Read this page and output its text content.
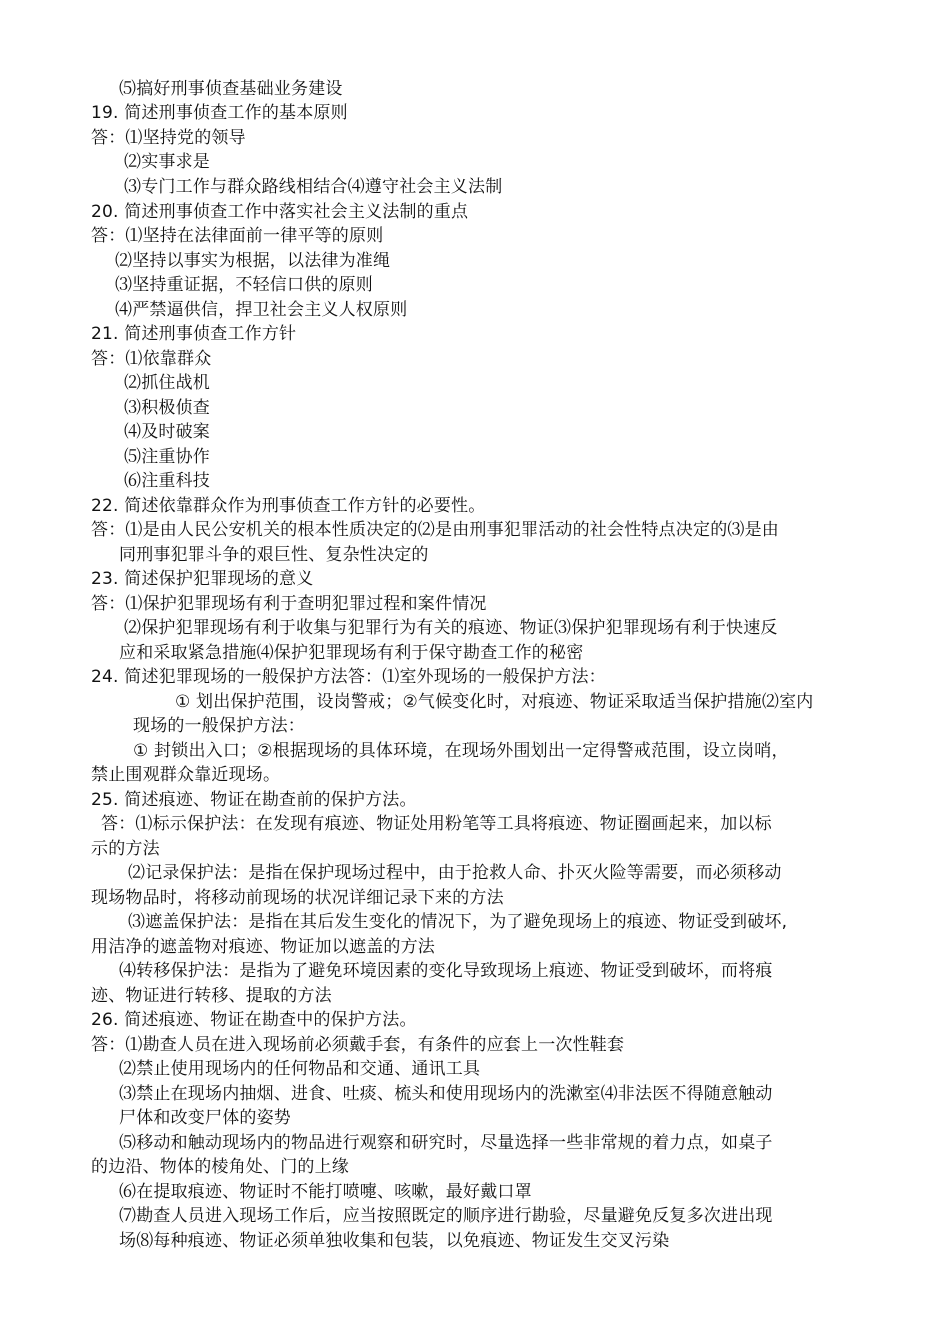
⑸搞好刑事侦查基础业务建设
19. 简述刑事侦查工作的基本原则
答：⑴坚持党的领导
⑵实事求是
⑶专门工作与群众路线相结合⑷遵守社会主义法制
20. 简述刑事侦查工作中落实社会主义法制的重点
答：⑴坚持在法律面前一律平等的原则
⑵坚持以事实为根据，以法律为准绳
⑶坚持重证据，不轻信口供的原则
⑷严禁逼供信，捍卫社会主义人权原则
21. 简述刑事侦查工作方针
答：⑴依靠群众
⑵抓住战机
⑶积极侦查
⑷及时破案
⑸注重协作
⑹注重科技
22. 简述依靠群众作为刑事侦查工作方针的必要性。
答：⑴是由人民公安机关的根本性质决定的⑵是由刑事犯罪活动的社会性特点决定的⑶是由
同刑事犯罪斗争的艰巨性、复杂性决定的
23. 简述保护犯罪现场的意义
答：⑴保护犯罪现场有利于查明犯罪过程和案件情况
⑵保护犯罪现场有利于收集与犯罪行为有关的痕迹、物证⑶保护犯罪现场有利于快速反
应和采取紧急措施⑷保护犯罪现场有利于保守勘查工作的秘密
24. 简述犯罪现场的一般保护方法答：⑴室外现场的一般保护方法：
① 划出保护范围，设岗警戒；②气候变化时，对痕迹、物证采取适当保护措施⑵室内
现场的一般保护方法：
① 封锁出入口；②根据现场的具体环境，在现场外围划出一定得警戒范围，设立岗哨，
禁止围观群众靠近现场。
25. 简述痕迹、物证在勘查前的保护方法。
答：⑴标示保护法：在发现有痕迹、物证处用粉笔等工具将痕迹、物证圈画起来，加以标
示的方法
⑵记录保护法：是指在保护现场过程中，由于抢救人命、扑灭火险等需要，而必须移动
现场物品时，将移动前现场的状况详细记录下来的方法
⑶遮盖保护法：是指在其后发生变化的情况下，为了避免现场上的痕迹、物证受到破坏,
用洁净的遮盖物对痕迹、物证加以遮盖的方法
⑷转移保护法：是指为了避免环境因素的变化导致现场上痕迹、物证受到破坏，而将痕
迹、物证进行转移、提取的方法
26. 简述痕迹、物证在勘查中的保护方法。
答：⑴勘查人员在进入现场前必须戴手套，有条件的应套上一次性鞋套
⑵禁止使用现场内的任何物品和交通、通讯工具
⑶禁止在现场内抽烟、进食、吐痰、梳头和使用现场内的洗漱室⑷非法医不得随意触动
尸体和改变尸体的姿势
⑸移动和触动现场内的物品进行观察和研究时，尽量选择一些非常规的着力点，如桌子
的边沿、物体的棱角处、门的上缘
⑹在提取痕迹、物证时不能打喷嚏、咳嗽，最好戴口罩
⑺勘查人员进入现场工作后，应当按照既定的顺序进行勘验，尽量避免反复多次进出现
场⑻每种痕迹、物证必须单独收集和包装，以免痕迹、物证发生交叉污染
